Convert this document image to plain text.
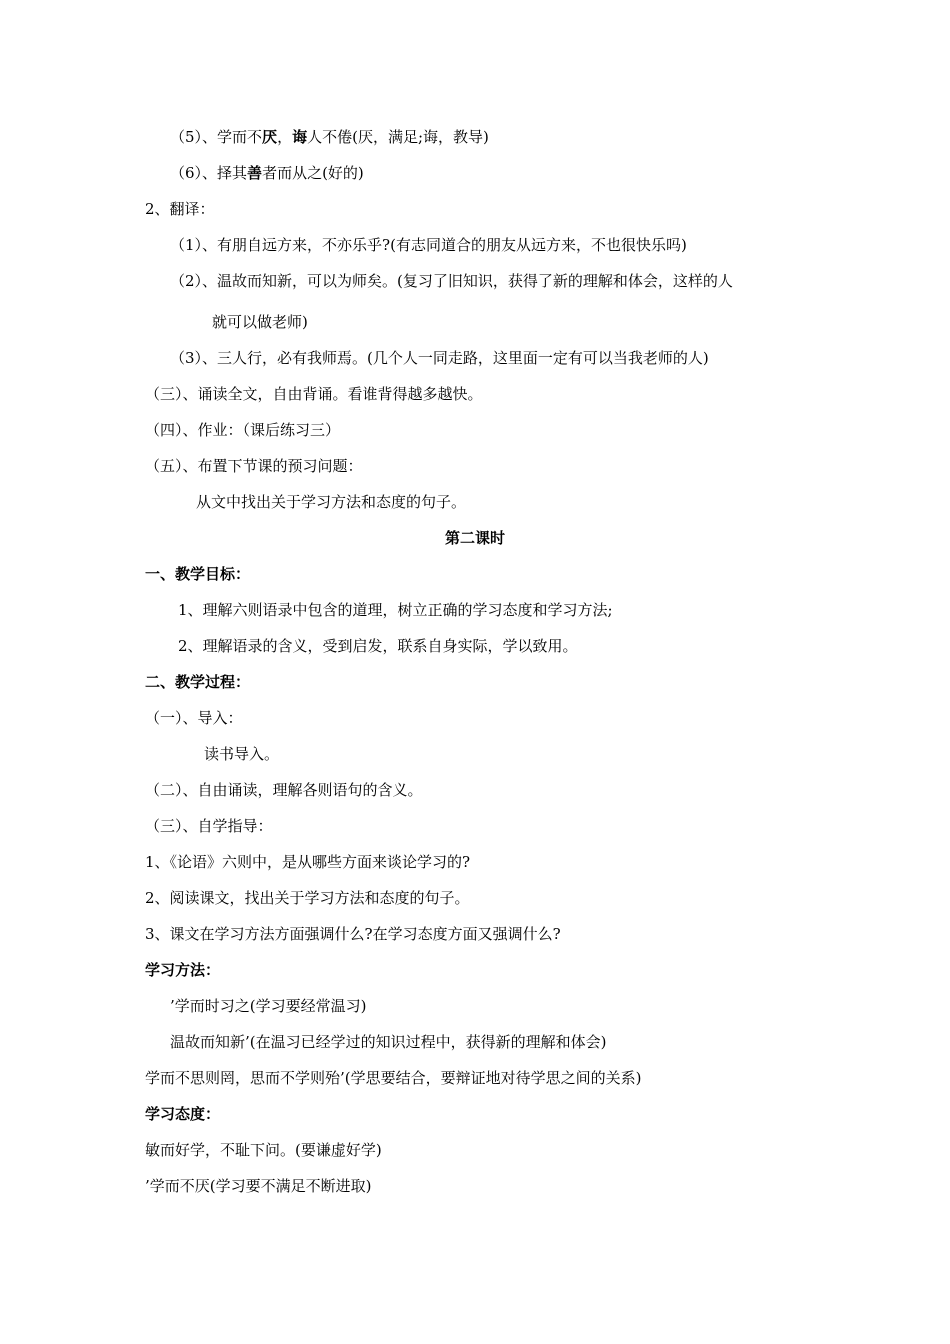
（5）、学而不厌，诲人不倦(厌，满足;诲，教导)
（6）、择其善者而从之(好的)
2、翻译：
（1）、有朋自远方来，不亦乐乎?(有志同道合的朋友从远方来，不也很快乐吗)
（2）、温故而知新，可以为师矣。(复习了旧知识，获得了新的理解和体会，这样的人
就可以做老师)
（3）、三人行，必有我师焉。(几个人一同走路，这里面一定有可以当我老师的人)
（三）、诵读全文，自由背诵。看谁背得越多越快。
（四）、作业：（课后练习三）
（五）、布置下节课的预习问题：
从文中找出关于学习方法和态度的句子。
第二课时
一、教学目标：
1、理解六则语录中包含的道理，树立正确的学习态度和学习方法;
2、理解语录的含义，受到启发，联系自身实际，学以致用。
二、教学过程：
（一）、导入：
读书导入。
（二）、自由诵读，理解各则语句的含义。
（三）、自学指导：
1、《论语》六则中，是从哪些方面来谈论学习的?
2、阅读课文，找出关于学习方法和态度的句子。
3、课文在学习方法方面强调什么?在学习态度方面又强调什么?
学习方法：
’学而时习之(学习要经常温习)
温故而知新’(在温习已经学过的知识过程中，获得新的理解和体会)
学而不思则罔，思而不学则殆’(学思要结合，要辩证地对待学思之间的关系)
学习态度：
敏而好学，不耻下问。(要谦虚好学)
’学而不厌(学习要不满足不断进取)
